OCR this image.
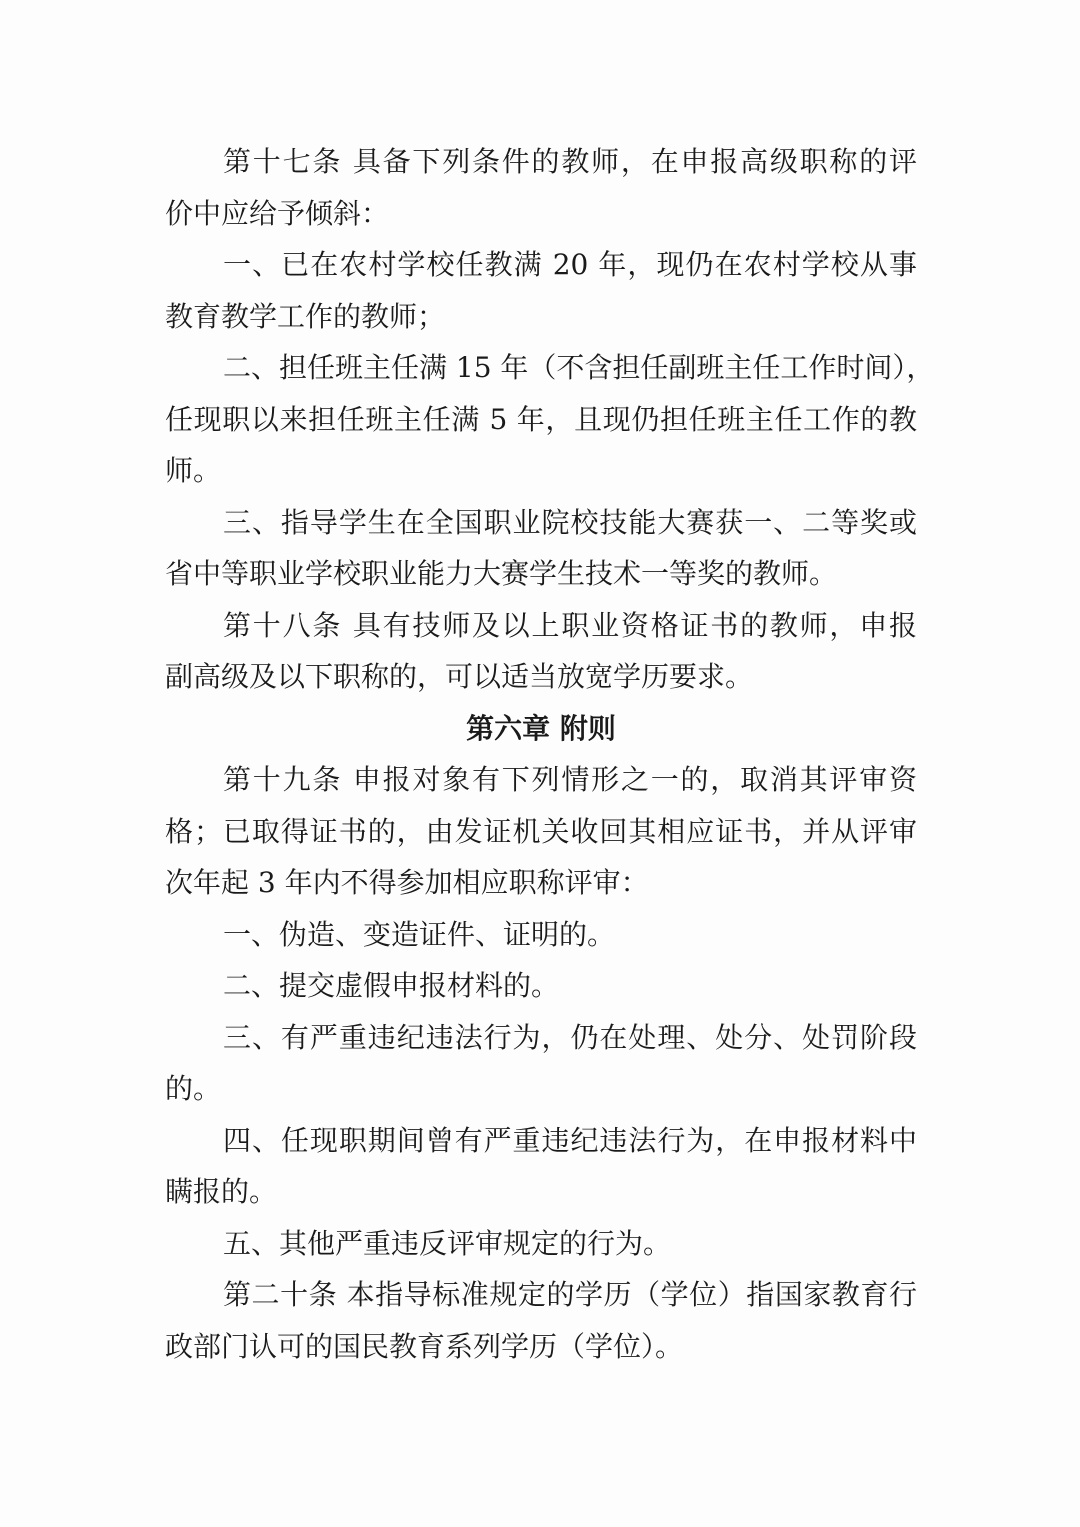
第十七条 具备下列条件的教师，在申报高级职称的评
价中应给予倾斜：
一、已在农村学校任教满 20 年，现仍在农村学校从事
教育教学工作的教师；
二、担任班主任满 15 年（不含担任副班主任工作时间），
任现职以来担任班主任满 5 年，且现仍担任班主任工作的教
师。
三、指导学生在全国职业院校技能大赛获一、二等奖或
省中等职业学校职业能力大赛学生技术一等奖的教师。
第十八条 具有技师及以上职业资格证书的教师，申报
副高级及以下职称的，可以适当放宽学历要求。
第六章 附则
第十九条 申报对象有下列情形之一的，取消其评审资
格；已取得证书的，由发证机关收回其相应证书，并从评审
次年起 3 年内不得参加相应职称评审：
一、伪造、变造证件、证明的。
二、提交虚假申报材料的。
三、有严重违纪违法行为，仍在处理、处分、处罚阶段
的。
四、任现职期间曾有严重违纪违法行为，在申报材料中
瞒报的。
五、其他严重违反评审规定的行为。
第二十条 本指导标准规定的学历（学位）指国家教育行
政部门认可的国民教育系列学历（学位）。
